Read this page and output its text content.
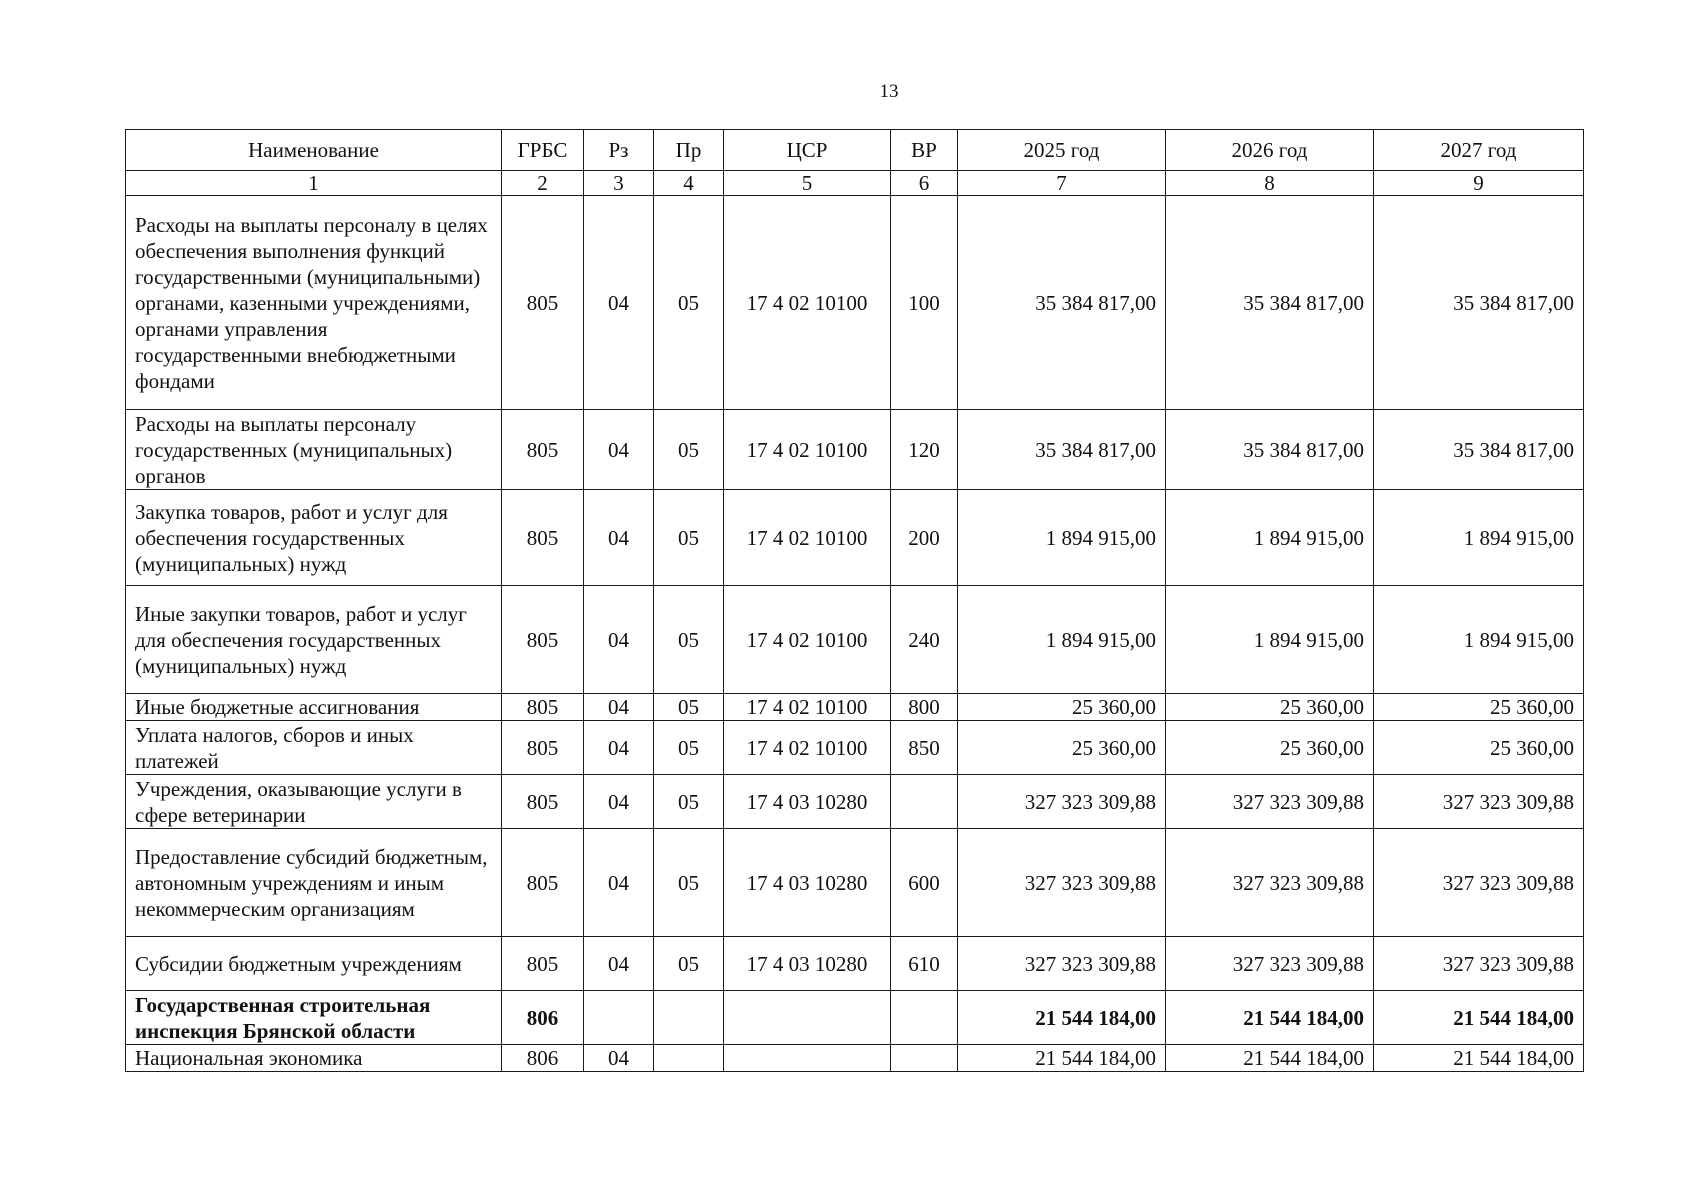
13
Наименование	ГРБС	Рз	Пр	ЦСР	ВР	2025 год	2026 год	2027 год
1	2	3	4	5	6	7	8	9
Расходы на выплаты персоналу в целях обеспечения выполнения функций государственными (муниципальными) органами, казенными учреждениями, органами управления государственными внебюджетными фондами	805	04	05	17 4 02 10100	100	35 384 817,00	35 384 817,00	35 384 817,00
Расходы на выплаты персоналу государственных (муниципальных) органов	805	04	05	17 4 02 10100	120	35 384 817,00	35 384 817,00	35 384 817,00
Закупка товаров, работ и услуг для обеспечения государственных (муниципальных) нужд	805	04	05	17 4 02 10100	200	1 894 915,00	1 894 915,00	1 894 915,00
Иные закупки товаров, работ и услуг для обеспечения государственных (муниципальных) нужд	805	04	05	17 4 02 10100	240	1 894 915,00	1 894 915,00	1 894 915,00
Иные бюджетные ассигнования	805	04	05	17 4 02 10100	800	25 360,00	25 360,00	25 360,00
Уплата налогов, сборов и иных платежей	805	04	05	17 4 02 10100	850	25 360,00	25 360,00	25 360,00
Учреждения, оказывающие услуги в сфере ветеринарии	805	04	05	17 4 03 10280		327 323 309,88	327 323 309,88	327 323 309,88
Предоставление субсидий бюджетным, автономным учреждениям и иным некоммерческим организациям	805	04	05	17 4 03 10280	600	327 323 309,88	327 323 309,88	327 323 309,88
Субсидии бюджетным учреждениям	805	04	05	17 4 03 10280	610	327 323 309,88	327 323 309,88	327 323 309,88
Государственная строительная инспекция Брянской области	806					21 544 184,00	21 544 184,00	21 544 184,00
Национальная экономика	806	04				21 544 184,00	21 544 184,00	21 544 184,00
